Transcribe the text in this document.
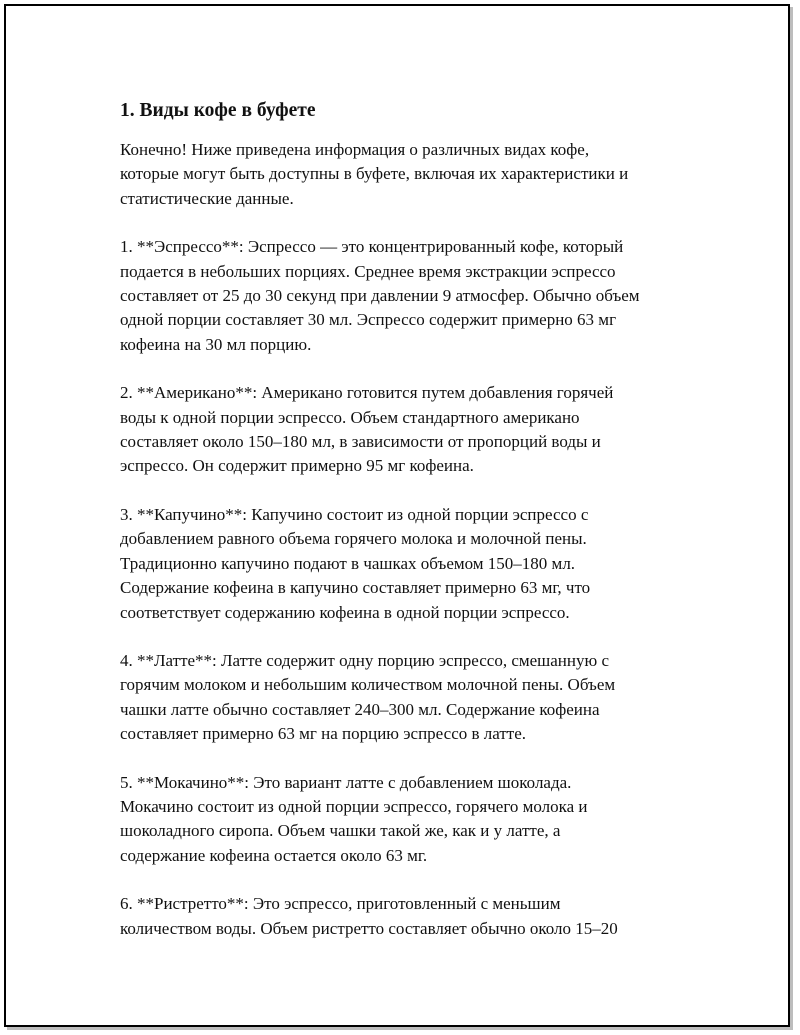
1. Виды кофе в буфете
Конечно! Ниже приведена информация о различных видах кофе,
которые могут быть доступны в буфете, включая их характеристики и
статистические данные.
1. **Эспрессо**: Эспрессо — это концентрированный кофе, который
подается в небольших порциях. Среднее время экстракции эспрессо
составляет от 25 до 30 секунд при давлении 9 атмосфер. Обычно объем
одной порции составляет 30 мл. Эспрессо содержит примерно 63 мг
кофеина на 30 мл порцию.
2. **Американо**: Американо готовится путем добавления горячей
воды к одной порции эспрессо. Объем стандартного американо
составляет около 150–180 мл, в зависимости от пропорций воды и
эспрессо. Он содержит примерно 95 мг кофеина.
3. **Капучино**: Капучино состоит из одной порции эспрессо с
добавлением равного объема горячего молока и молочной пены.
Традиционно капучино подают в чашках объемом 150–180 мл.
Содержание кофеина в капучино составляет примерно 63 мг, что
соответствует содержанию кофеина в одной порции эспрессо.
4. **Латте**: Латте содержит одну порцию эспрессо, смешанную с
горячим молоком и небольшим количеством молочной пены. Объем
чашки латте обычно составляет 240–300 мл. Содержание кофеина
составляет примерно 63 мг на порцию эспрессо в латте.
5. **Мокачино**: Это вариант латте с добавлением шоколада.
Мокачино состоит из одной порции эспрессо, горячего молока и
шоколадного сиропа. Объем чашки такой же, как и у латте, а
содержание кофеина остается около 63 мг.
6. **Ристретто**: Это эспрессо, приготовленный с меньшим
количеством воды. Объем ристретто составляет обычно около 15–20
